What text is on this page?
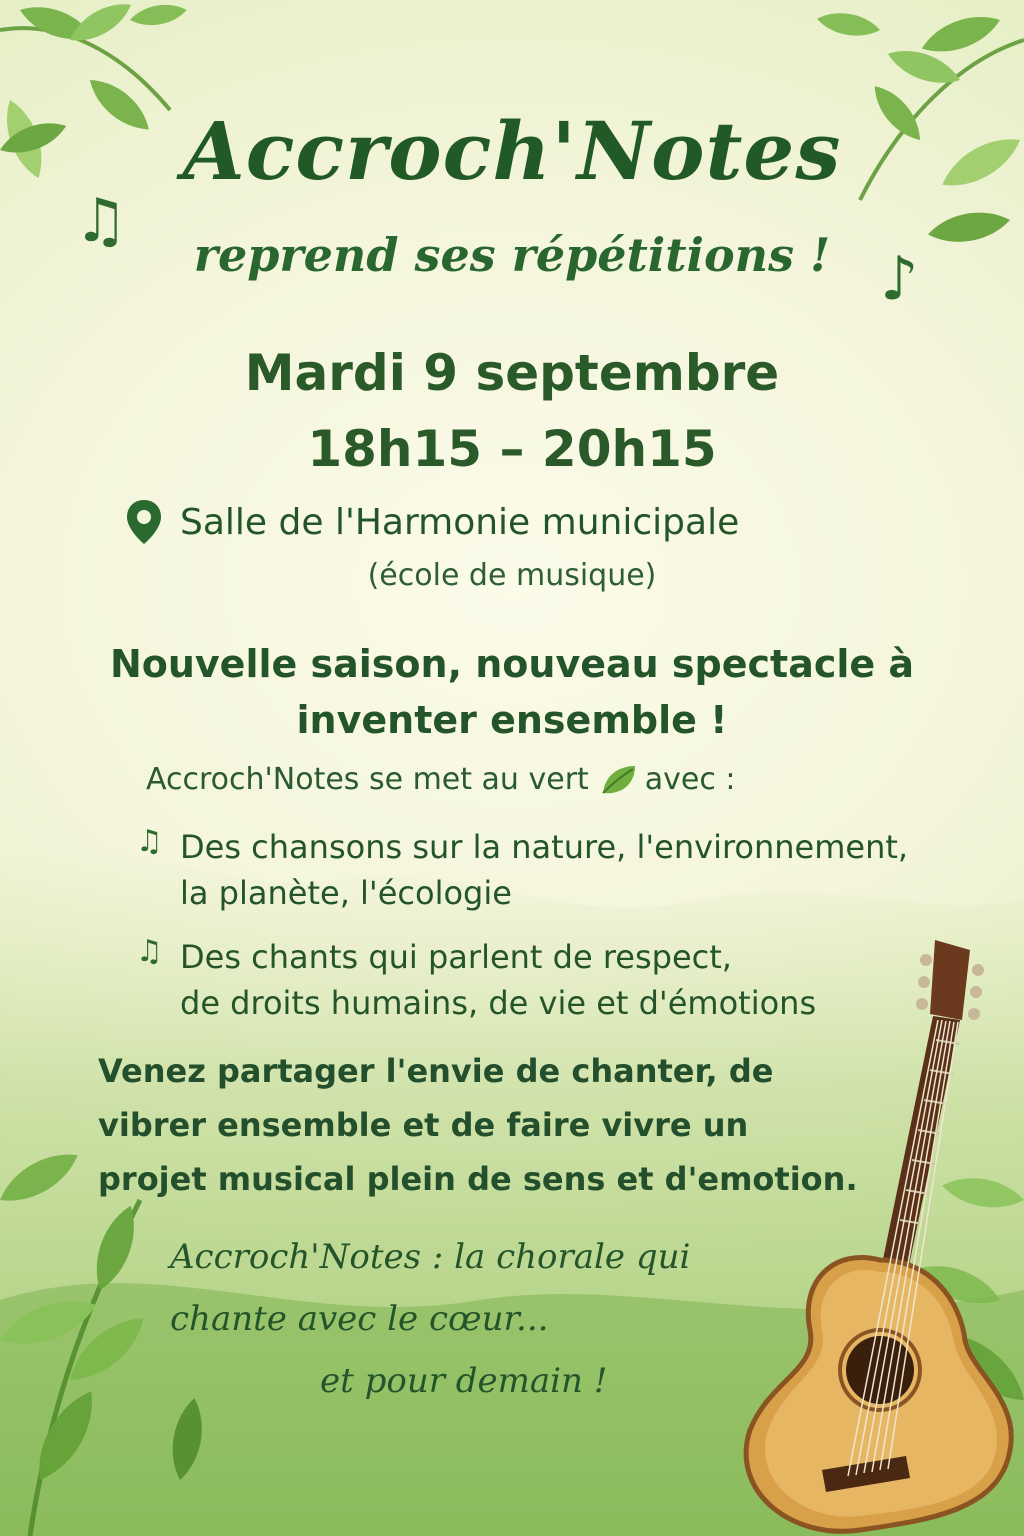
♫
♪
Accroch'Notes
reprend ses répétitions !

Mardi 9 septembre

18h15 – 20h15

Salle de l'Harmonie municipale

(école de musique)

Nouvelle saison, nouveau spectacle à
inventer ensemble !

Accroch'Notes se met au vert avec :
♫ Des chansons sur la nature, l'environnement,
la planète, l'écologie
♫ Des chants qui parlent de respect,
de droits humains, de vie et d'émotions

Venez partager l'envie de chanter, de
vibrer ensemble et de faire vivre un
projet musical plein de sens et d'emotion.

Accroch'Notes : la chorale qui
chante avec le cœur...
et pour demain !
